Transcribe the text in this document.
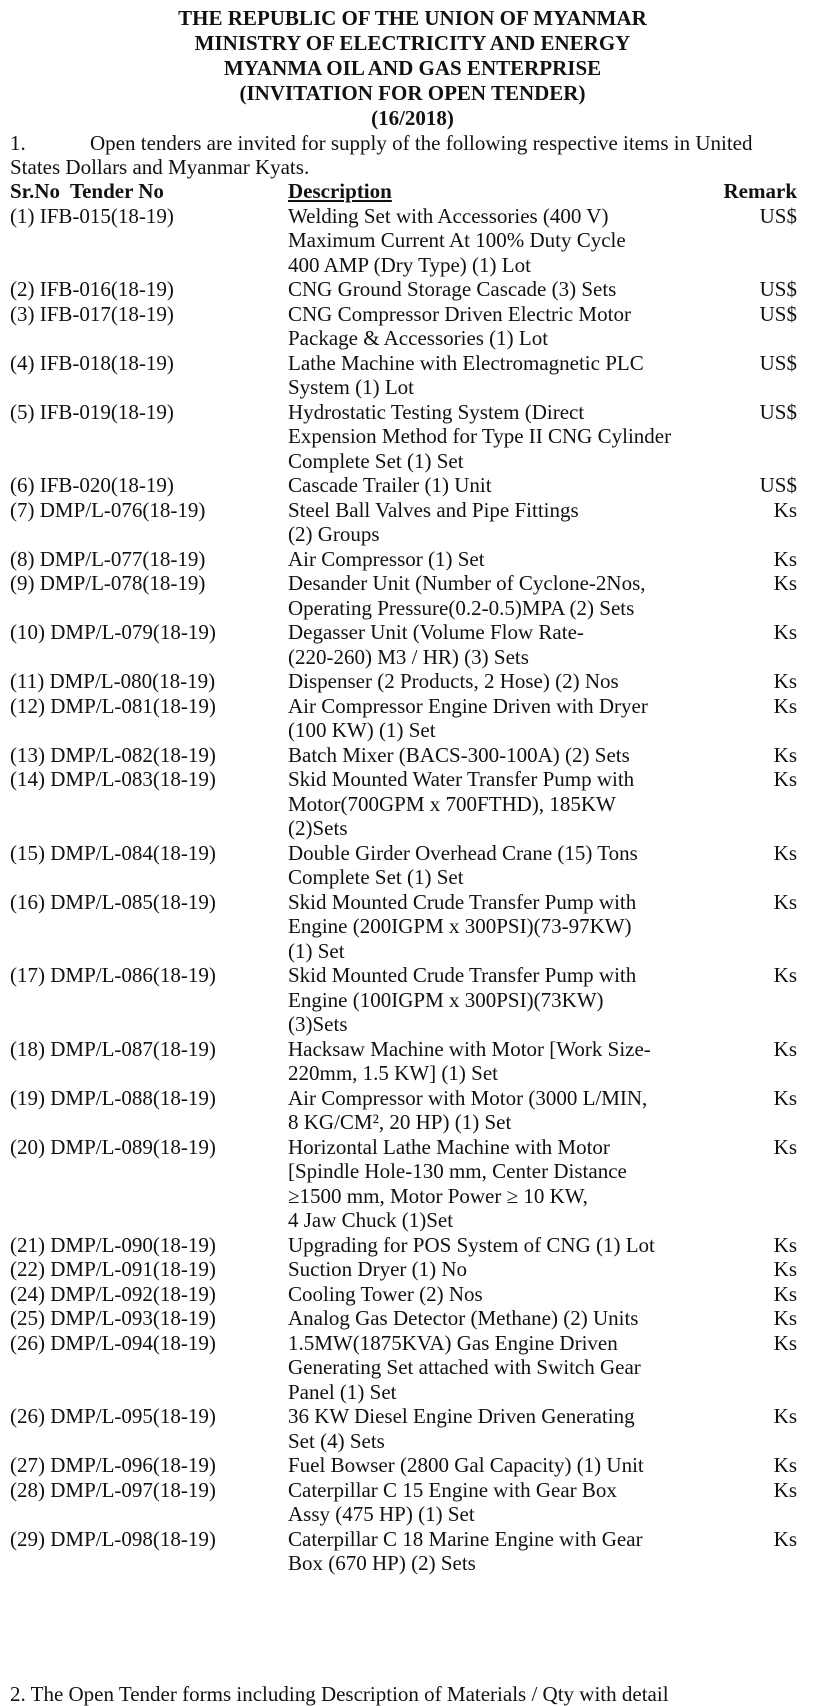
THE REPUBLIC OF THE UNION OF MYANMAR
MINISTRY OF ELECTRICITY AND ENERGY
MYANMA OIL AND GAS ENTERPRISE
(INVITATION FOR OPEN TENDER)
(16/2018)
1.	Open tenders are invited for supply of the following respective items in United
States Dollars and Myanmar Kyats.
Sr.No Tender No	Description	Remark
(1) IFB-015(18-19)	Welding Set with Accessories (400 V)
Maximum Current At 100% Duty Cycle
400 AMP (Dry Type) (1) Lot
US$
(2) IFB-016(18-19)	CNG Ground Storage Cascade (3) Sets	US$
(3) IFB-017(18-19)	CNG Compressor Driven Electric Motor
Package & Accessories (1) Lot
US$
(4) IFB-018(18-19)	Lathe Machine with Electromagnetic PLC
System (1) Lot
US$
(5) IFB-019(18-19)	Hydrostatic Testing System (Direct
Expension Method for Type II CNG Cylinder
Complete Set (1) Set
US$
(6) IFB-020(18-19)	Cascade Trailer (1) Unit	US$
(7) DMP/L-076(18-19)	Steel Ball Valves and Pipe Fittings
(2) Groups
Ks
(8) DMP/L-077(18-19)	Air Compressor (1) Set	Ks
(9) DMP/L-078(18-19)	Desander Unit (Number of Cyclone-2Nos,
Operating Pressure(0.2-0.5)MPA (2) Sets
Ks
(10) DMP/L-079(18-19)	Degasser Unit (Volume Flow Rate-
(220-260) M3 / HR) (3) Sets
Ks
(11) DMP/L-080(18-19)	Dispenser (2 Products, 2 Hose) (2) Nos	Ks
(12) DMP/L-081(18-19)	Air Compressor Engine Driven with Dryer
(100 KW) (1) Set
Ks
(13) DMP/L-082(18-19)	Batch Mixer (BACS-300-100A) (2) Sets	Ks
(14) DMP/L-083(18-19)	Skid Mounted Water Transfer Pump with
Motor(700GPM x 700FTHD), 185KW
(2)Sets
Ks
(15) DMP/L-084(18-19)	Double Girder Overhead Crane (15) Tons
Complete Set (1) Set
Ks
(16) DMP/L-085(18-19)	Skid Mounted Crude Transfer Pump with
Engine (200IGPM x 300PSI)(73-97KW)
(1) Set
Ks
(17) DMP/L-086(18-19)	Skid Mounted Crude Transfer Pump with
Engine (100IGPM x 300PSI)(73KW)
(3)Sets
Ks
(18) DMP/L-087(18-19)	Hacksaw Machine with Motor [Work Size-
220mm, 1.5 KW] (1) Set
Ks
(19) DMP/L-088(18-19)	Air Compressor with Motor (3000 L/MIN,
8 KG/CM², 20 HP) (1) Set
Ks
(20) DMP/L-089(18-19)	Horizontal Lathe Machine with Motor
[Spindle Hole-130 mm, Center Distance
≥1500 mm, Motor Power ≥ 10 KW,
4 Jaw Chuck (1)Set
Ks
(21) DMP/L-090(18-19)	Upgrading for POS System of CNG (1) Lot	Ks
(22) DMP/L-091(18-19)	Suction Dryer (1) No	Ks
(24) DMP/L-092(18-19)	Cooling Tower (2) Nos	Ks
(25) DMP/L-093(18-19)	Analog Gas Detector (Methane) (2) Units	Ks
(26) DMP/L-094(18-19)	1.5MW(1875KVA) Gas Engine Driven
Generating Set attached with Switch Gear
Panel (1) Set
Ks
(26) DMP/L-095(18-19)	36 KW Diesel Engine Driven Generating
Set (4) Sets
Ks
(27) DMP/L-096(18-19)	Fuel Bowser (2800 Gal Capacity) (1) Unit	Ks
(28) DMP/L-097(18-19)	Caterpillar C 15 Engine with Gear Box
Assy (475 HP) (1) Set
Ks
(29) DMP/L-098(18-19)	Caterpillar C 18 Marine Engine with Gear
Box (670 HP) (2) Sets
Ks
2. The Open Tender forms including Description of Materials / Qty with detail
